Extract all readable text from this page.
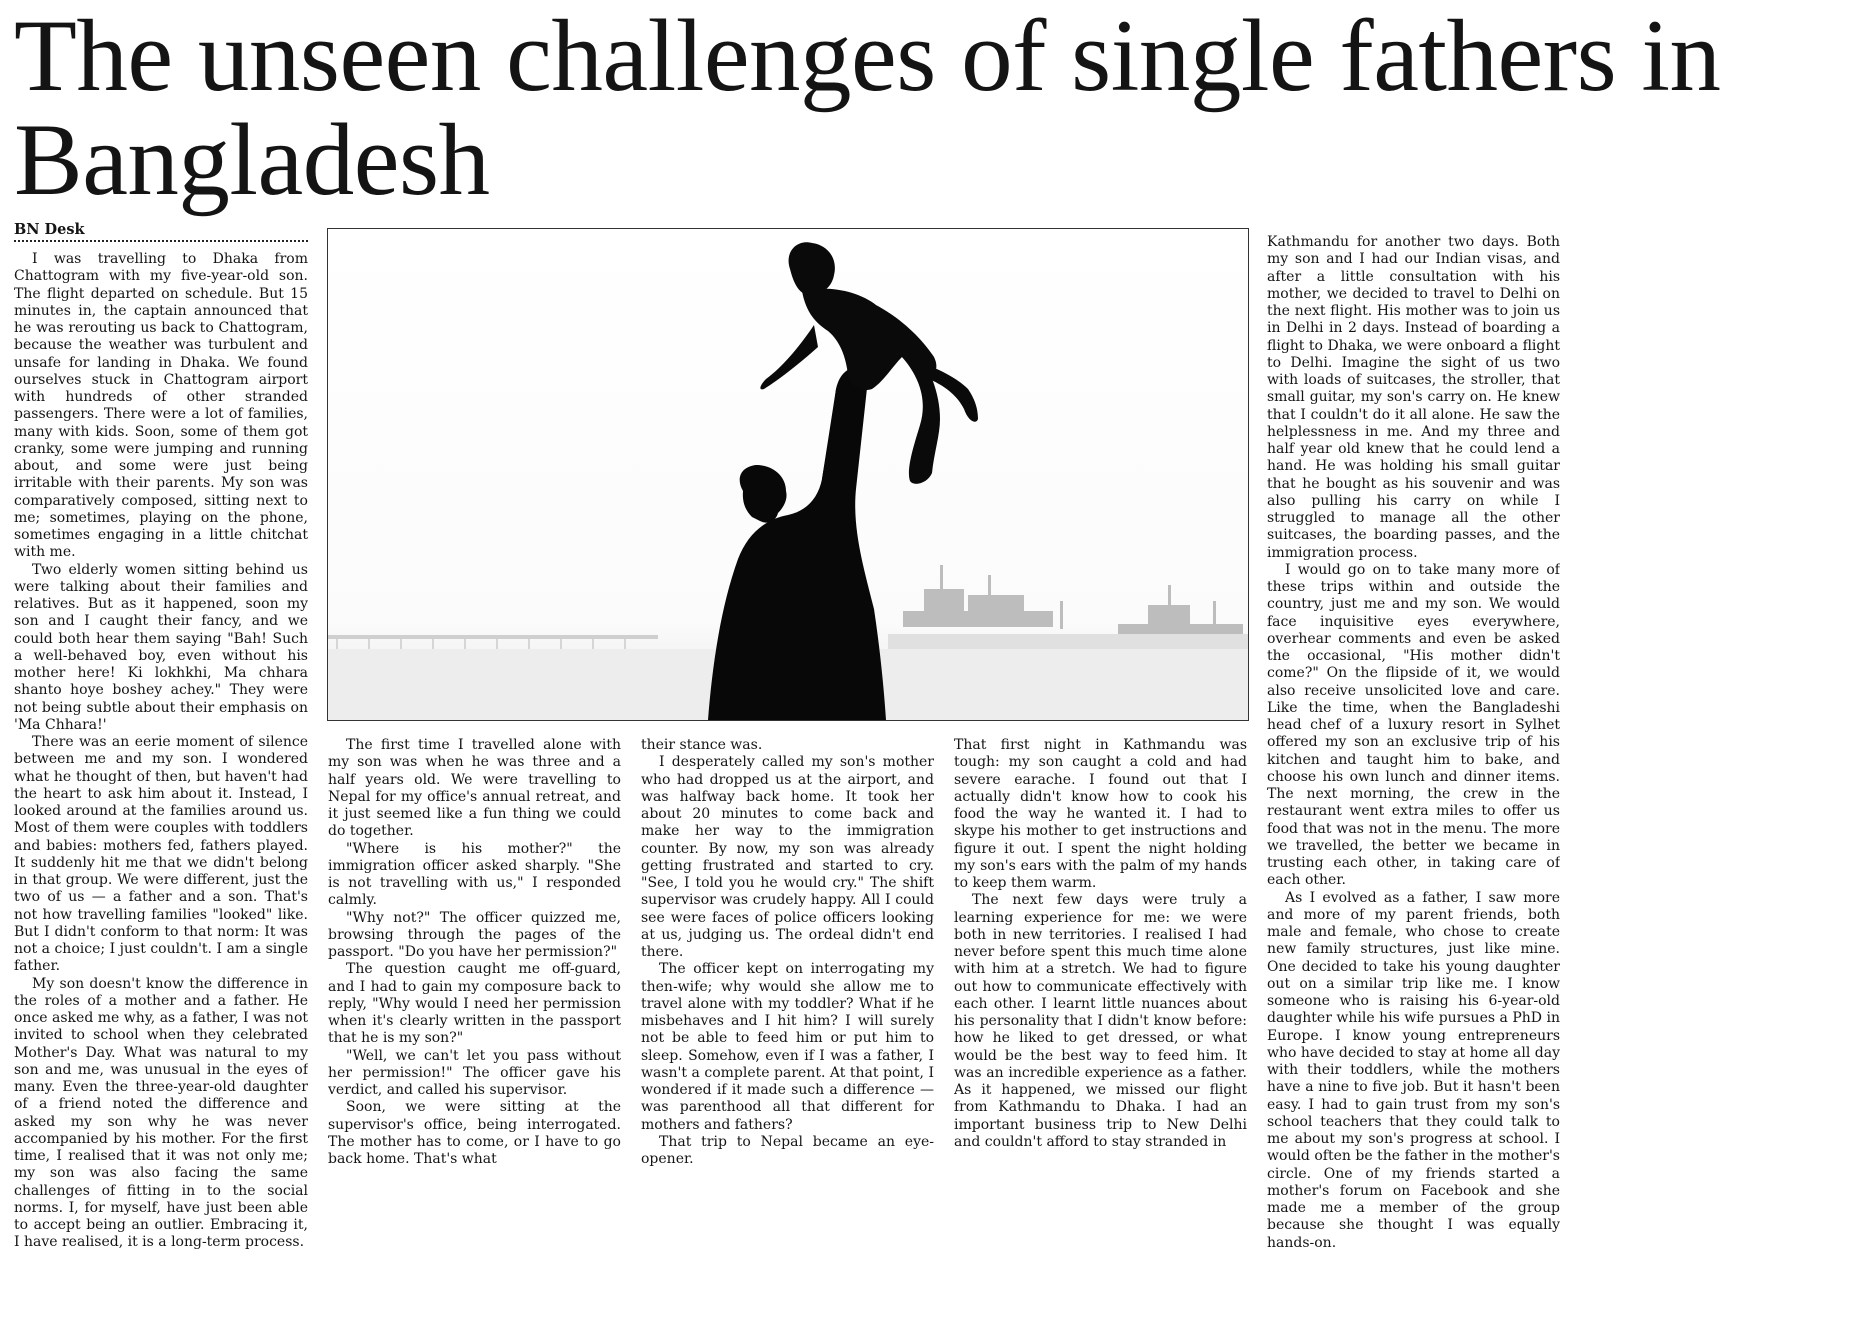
The unseen challenges of single fathers in Bangladesh
BN Desk

I was travelling to Dhaka from Chattogram with my five-year-old son. The flight departed on schedule. But 15 minutes in, the captain announced that he was rerouting us back to Chattogram, because the weather was turbulent and unsafe for landing in Dhaka. We found ourselves stuck in Chattogram airport with hundreds of other stranded passengers. There were a lot of families, many with kids. Soon, some of them got cranky, some were jumping and running about, and some were just being irritable with their parents. My son was comparatively composed, sitting next to me; sometimes, playing on the phone, sometimes engaging in a little chitchat with me.

Two elderly women sitting behind us were talking about their families and relatives. But as it happened, soon my son and I caught their fancy, and we could both hear them saying "Bah! Such a well-behaved boy, even without his mother here! Ki lokhkhi, Ma chhara shanto hoye boshey achey." They were not being subtle about their emphasis on 'Ma Chhara!'

There was an eerie moment of silence between me and my son. I wondered what he thought of then, but haven't had the heart to ask him about it. Instead, I looked around at the families around us. Most of them were couples with toddlers and babies: mothers fed, fathers played. It suddenly hit me that we didn't belong in that group. We were different, just the two of us — a father and a son. That's not how travelling families "looked" like. But I didn't conform to that norm: It was not a choice; I just couldn't. I am a single father.

My son doesn't know the difference in the roles of a mother and a father. He once asked me why, as a father, I was not invited to school when they celebrated Mother's Day. What was natural to my son and me, was unusual in the eyes of many. Even the three-year-old daughter of a friend noted the difference and asked my son why he was never accompanied by his mother. For the first time, I realised that it was not only me; my son was also facing the same challenges of fitting in to the social norms. I, for myself, have just been able to accept being an outlier. Embracing it, I have realised, it is a long-term process.

The first time I travelled alone with my son was when he was three and a half years old. We were travelling to Nepal for my office's annual retreat, and it just seemed like a fun thing we could do together.

"Where is his mother?" the immigration officer asked sharply. "She is not travelling with us," I responded calmly.

"Why not?" The officer quizzed me, browsing through the pages of the passport. "Do you have her permission?"

The question caught me off-guard, and I had to gain my composure back to reply, "Why would I need her permission when it's clearly written in the passport that he is my son?"

"Well, we can't let you pass without her permission!" The officer gave his verdict, and called his supervisor.

Soon, we were sitting at the supervisor's office, being interrogated. The mother has to come, or I have to go back home. That's what

their stance was.

I desperately called my son's mother who had dropped us at the airport, and was halfway back home. It took her about 20 minutes to come back and make her way to the immigration counter. By now, my son was already getting frustrated and started to cry. "See, I told you he would cry." The shift supervisor was crudely happy. All I could see were faces of police officers looking at us, judging us. The ordeal didn't end there.

The officer kept on interrogating my then-wife; why would she allow me to travel alone with my toddler? What if he misbehaves and I hit him? I will surely not be able to feed him or put him to sleep. Somehow, even if I was a father, I wasn't a complete parent. At that point, I wondered if it made such a difference — was parenthood all that different for mothers and fathers?

That trip to Nepal became an eye-opener.

That first night in Kathmandu was tough: my son caught a cold and had severe earache. I found out that I actually didn't know how to cook his food the way he wanted it. I had to skype his mother to get instructions and figure it out. I spent the night holding my son's ears with the palm of my hands to keep them warm.

The next few days were truly a learning experience for me: we were both in new territories. I realised I had never before spent this much time alone with him at a stretch. We had to figure out how to communicate effectively with each other. I learnt little nuances about his personality that I didn't know before: how he liked to get dressed, or what would be the best way to feed him. It was an incredible experience as a father. As it happened, we missed our flight from Kathmandu to Dhaka. I had an important business trip to New Delhi and couldn't afford to stay stranded in

Kathmandu for another two days. Both my son and I had our Indian visas, and after a little consultation with his mother, we decided to travel to Delhi on the next flight. His mother was to join us in Delhi in 2 days. Instead of boarding a flight to Dhaka, we were onboard a flight to Delhi. Imagine the sight of us two with loads of suitcases, the stroller, that small guitar, my son's carry on. He knew that I couldn't do it all alone. He saw the helplessness in me. And my three and half year old knew that he could lend a hand. He was holding his small guitar that he bought as his souvenir and was also pulling his carry on while I struggled to manage all the other suitcases, the boarding passes, and the immigration process.

I would go on to take many more of these trips within and outside the country, just me and my son. We would face inquisitive eyes everywhere, overhear comments and even be asked the occasional, "His mother didn't come?" On the flipside of it, we would also receive unsolicited love and care. Like the time, when the Bangladeshi head chef of a luxury resort in Sylhet offered my son an exclusive trip of his kitchen and taught him to bake, and choose his own lunch and dinner items. The next morning, the crew in the restaurant went extra miles to offer us food that was not in the menu. The more we travelled, the better we became in trusting each other, in taking care of each other.

As I evolved as a father, I saw more and more of my parent friends, both male and female, who chose to create new family structures, just like mine. One decided to take his young daughter out on a similar trip like me. I know someone who is raising his 6-year-old daughter while his wife pursues a PhD in Europe. I know young entrepreneurs who have decided to stay at home all day with their toddlers, while the mothers have a nine to five job. But it hasn't been easy. I had to gain trust from my son's school teachers that they could talk to me about my son's progress at school. I would often be the father in the mother's circle. One of my friends started a mother's forum on Facebook and she made me a member of the group because she thought I was equally hands-on.
